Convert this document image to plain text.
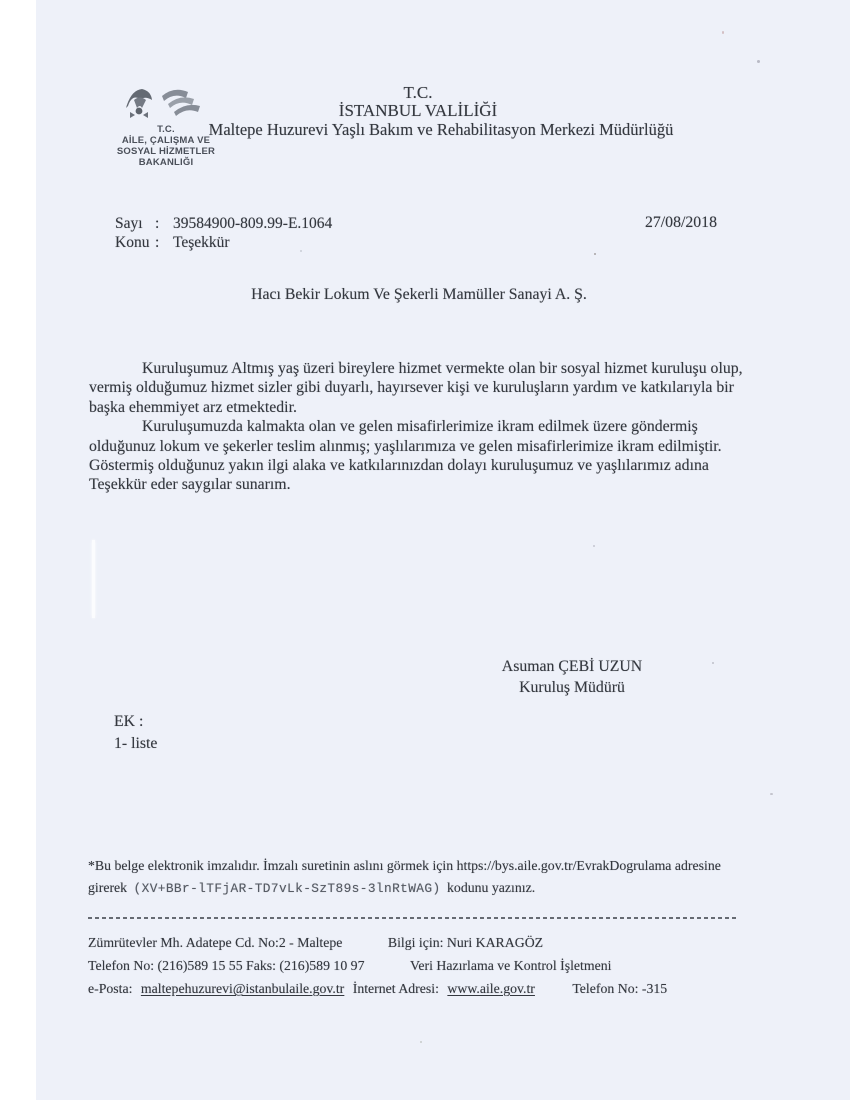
T.C.
AİLE, ÇALIŞMA VE
SOSYAL HİZMETLER
BAKANLIĞI
T.C.
İSTANBUL VALİLİĞİ
Maltepe Huzurevi Yaşlı Bakım ve Rehabilitasyon Merkezi Müdürlüğü
Sayı : 39584900-809.99-E.1064
Konu : Teşekkür
27/08/2018
Hacı Bekir Lokum Ve Şekerli Mamüller Sanayi A. Ş.

Kuruluşumuz Altmış yaş üzeri bireylere hizmet vermekte olan bir sosyal hizmet kuruluşu olup, vermiş olduğumuz hizmet sizler gibi duyarlı, hayırsever kişi ve kuruluşların yardım ve katkılarıyla bir başka ehemmiyet arz etmektedir.

Kuruluşumuzda kalmakta olan ve gelen misafirlerimize ikram edilmek üzere göndermiş olduğunuz lokum ve şekerler teslim alınmış; yaşlılarımıza ve gelen misafirlerimize ikram edilmiştir. Göstermiş olduğunuz yakın ilgi alaka ve katkılarınızdan dolayı kuruluşumuz ve yaşlılarımız adına Teşekkür eder saygılar sunarım.

Asuman ÇEBİ UZUN
Kuruluş Müdürü
EK :
1- liste
*Bu belge elektronik imzalıdır. İmzalı suretinin aslını görmek için https://bys.aile.gov.tr/EvrakDogrulama adresine girerek (XV+BBr-lTFjAR-TD7vLk-SzT89s-3lnRtWAG) kodunu yazınız.
Zümrütevler Mh. Adatepe Cd. No:2 - Maltepe	Bilgi için: Nuri KARAGÖZ
Telefon No: (216)589 15 55 Faks: (216)589 10 97	Veri Hazırlama ve Kontrol İşletmeni
e-Posta: maltepehuzurevi@istanbulaile.gov.tr İnternet Adresi: www.aile.gov.tr	Telefon No: -315
